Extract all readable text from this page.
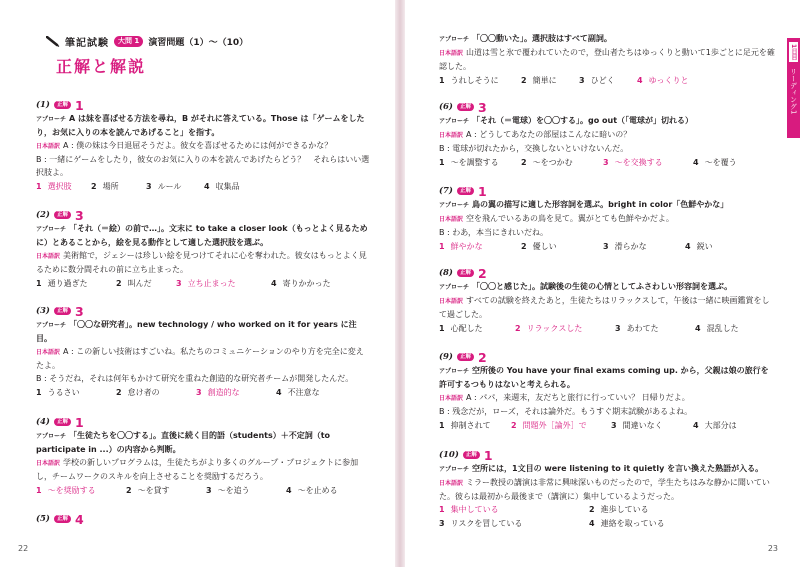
筆記試験	大問 1	演習問題（1）～（10）
正解と解説
(1)	正解 1
アプローチ A は妹を喜ばせる方法を尋ね，B がそれに答えている。Those は「ゲームをしたり，お気に入りの本を読んであげること」を指す。
日本語訳 A : 僕の妹は今日退屈そうだよ。彼女を喜ばせるためには何ができるかな？
B : 一緒にゲームをしたり，彼女のお気に入りの本を読んであげたらどう？　それらはいい選択肢よ。
1 選択肢 2 場所	3 ルール	4 収集品
(2)	正解 3
アプローチ 「それ（＝絵）の前で…」。文末に to take a closer look（もっとよく見るために）とあることから，絵を見る動作として適した選択肢を選ぶ。
日本語訳 美術館で，ジェシーは珍しい絵を見つけてそれに心を奪われた。彼女はもっとよく見るために数分間それの前に立ち止まった。
1 通り過ぎた	2 叫んだ	3 立ち止まった	4 寄りかかった
(3)	正解 3
アプローチ 「〇〇な研究者」。new technology / who worked on it for years に注目。
日本語訳 A : この新しい技術はすごいね。私たちのコミュニケーションのやり方を完全に変えたよ。
B : そうだね，それは何年もかけて研究を重ねた創造的な研究者チームが開発したんだ。
1 うるさい	2 怠け者の	3 創造的な	4 不注意な
(4)	正解 1
アプローチ 「生徒たちを〇〇する」。直後に続く目的語（students）＋不定詞（to participate in ...）の内容から判断。
日本語訳 学校の新しいプログラムは，生徒たちがより多くのグループ・プロジェクトに参加し，チームワークのスキルを向上させることを奨励するだろう。
1 ～を奨励する	2 ～を貸す	3 ～を追う	4 ～を止める
(5)	正解 4
22
1日目
リーディング1
アプローチ 「〇〇動いた」。選択肢はすべて副詞。
日本語訳 山道は雪と氷で覆われていたので，登山者たちはゆっくりと動いて1歩ごとに足元を確認した。
1 うれしそうに	2 簡単に	3 ひどく	4 ゆっくりと
(6)	正解 3
アプローチ 「それ（＝電球）を〇〇する」。go out（「電球が」切れる）
日本語訳 A : どうしてあなたの部屋はこんなに暗いの？
B : 電球が切れたから，交換しないといけないんだ。
1 ～を調整する	2 ～をつかむ	3 ～を交換する	4 ～を覆う
(7)	正解 1
アプローチ 鳥の翼の描写に適した形容詞を選ぶ。bright in color「色鮮やかな」
日本語訳 空を飛んでいるあの鳥を見て。翼がとても色鮮やかだよ。
B : わあ，本当にきれいだね。
1 鮮やかな	2 優しい	3 滑らかな	4 鋭い
(8)	正解 2
アプローチ 「〇〇と感じた」。試験後の生徒の心情としてふさわしい形容詞を選ぶ。
日本語訳 すべての試験を終えたあと，生徒たちはリラックスして，午後は一緒に映画鑑賞をして過ごした。
1 心配した	2 リラックスした	3 あわてた	4 混乱した
(9)	正解 2
アプローチ 空所後の You have your final exams coming up. から，父親は娘の旅行を許可するつもりはないと考えられる。
日本語訳 A : パパ，来週末，友だちと旅行に行っていい？ 日帰りだよ。
B : 残念だが，ローズ，それは論外だ。もうすぐ期末試験があるよね。
1 抑制されて	2 問題外［論外］で	3 間違いなく	4 大部分は
(10)	正解 1
アプローチ 空所には，1文目の were listening to it quietly を言い換えた熟語が入る。
日本語訳 ミラー教授の講演は非常に興味深いものだったので，学生たちはみな静かに聞いていた。彼らは最初から最後まで（講演に）集中しているようだった。
1 集中している	2 進歩している
3 リスクを冒している	4 連絡を取っている
23
